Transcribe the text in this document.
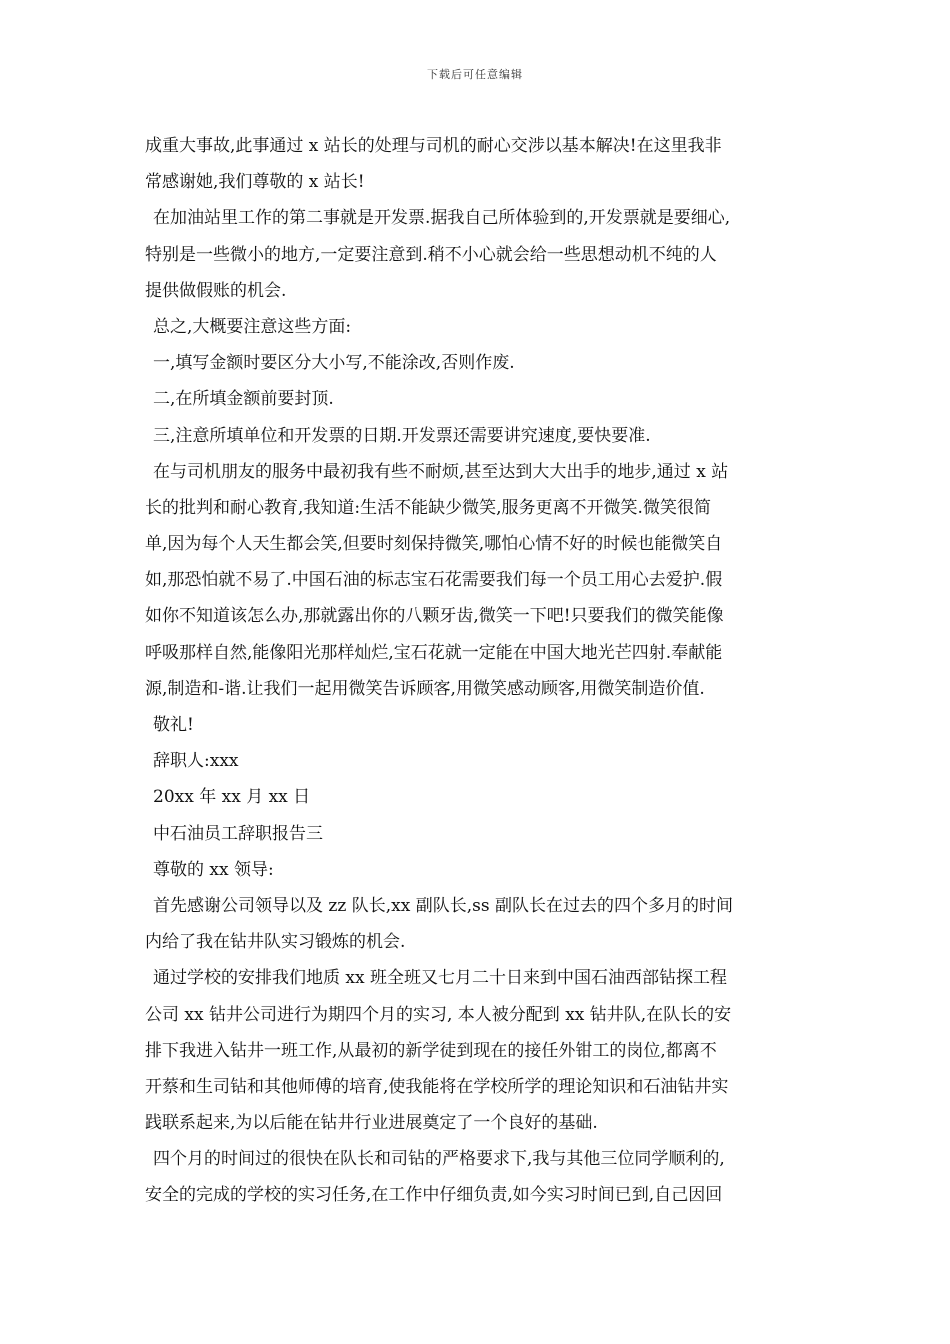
下载后可任意编辑
成重大事故,此事通过 x 站长的处理与司机的耐心交涉以基本解决!在这里我非
常感谢她,我们尊敬的 x 站长!
在加油站里工作的第二事就是开发票.据我自己所体验到的,开发票就是要细心,
特别是一些微小的地方,一定要注意到.稍不小心就会给一些思想动机不纯的人
提供做假账的机会.
总之,大概要注意这些方面:
一,填写金额时要区分大小写,不能涂改,否则作废.
二,在所填金额前要封顶.
三,注意所填单位和开发票的日期.开发票还需要讲究速度,要快要准.
在与司机朋友的服务中最初我有些不耐烦,甚至达到大大出手的地步,通过 x 站
长的批判和耐心教育,我知道:生活不能缺少微笑,服务更离不开微笑.微笑很简
单,因为每个人天生都会笑,但要时刻保持微笑,哪怕心情不好的时候也能微笑自
如,那恐怕就不易了.中国石油的标志宝石花需要我们每一个员工用心去爱护.假
如你不知道该怎么办,那就露出你的八颗牙齿,微笑一下吧!只要我们的微笑能像
呼吸那样自然,能像阳光那样灿烂,宝石花就一定能在中国大地光芒四射.奉献能
源,制造和-谐.让我们一起用微笑告诉顾客,用微笑感动顾客,用微笑制造价值.
敬礼!
辞职人:xxx
20xx 年 xx 月 xx 日
中石油员工辞职报告三
尊敬的 xx 领导:
首先感谢公司领导以及 zz 队长,xx 副队长,ss 副队长在过去的四个多月的时间
内给了我在钻井队实习锻炼的机会.
通过学校的安排我们地质 xx 班全班又七月二十日来到中国石油西部钻探工程
公司 xx 钻井公司进行为期四个月的实习, 本人被分配到 xx 钻井队,在队长的安
排下我进入钻井一班工作,从最初的新学徒到现在的接任外钳工的岗位,都离不
开蔡和生司钻和其他师傅的培育,使我能将在学校所学的理论知识和石油钻井实
践联系起来,为以后能在钻井行业进展奠定了一个良好的基础.
四个月的时间过的很快在队长和司钻的严格要求下,我与其他三位同学顺利的,
安全的完成的学校的实习任务,在工作中仔细负责,如今实习时间已到,自己因回
